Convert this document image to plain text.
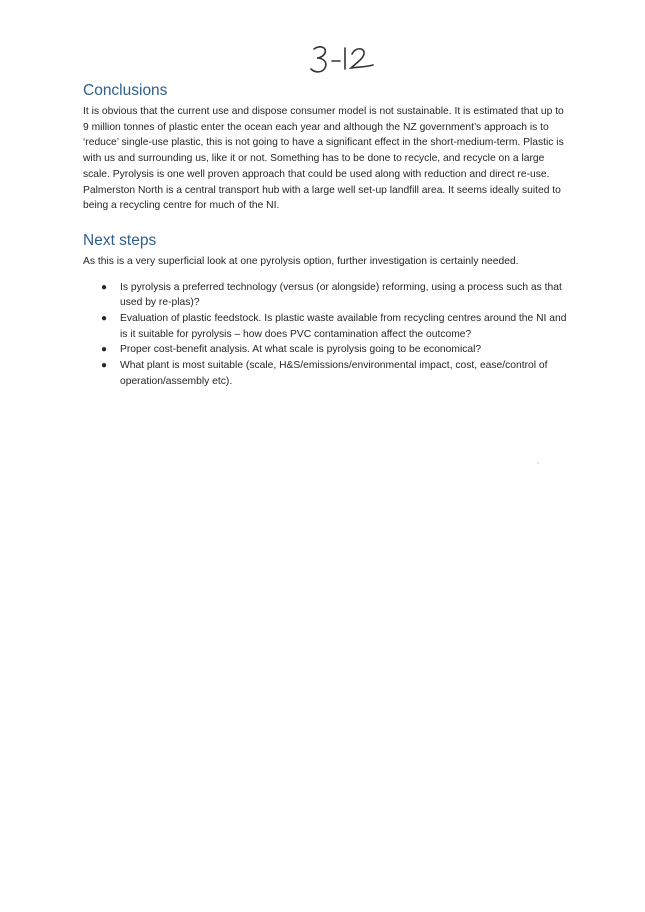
Conclusions

It is obvious that the current use and dispose consumer model is not sustainable. It is estimated that up to 9 million tonnes of plastic enter the ocean each year and although the NZ government’s approach is to ‘reduce’ single-use plastic, this is not going to have a significant effect in the short-medium-term. Plastic is with us and surrounding us, like it or not. Something has to be done to recycle, and recycle on a large scale. Pyrolysis is one well proven approach that could be used along with reduction and direct re-use. Palmerston North is a central transport hub with a large well set-up landfill area. It seems ideally suited to being a recycling centre for much of the NI.

Next steps

As this is a very superficial look at one pyrolysis option, further investigation is certainly needed.

● Is pyrolysis a preferred technology (versus (or alongside) reforming, using a process such as that used by re-plas)?
● Evaluation of plastic feedstock. Is plastic waste available from recycling centres around the NI and is it suitable for pyrolysis – how does PVC contamination affect the outcome?
● Proper cost-benefit analysis. At what scale is pyrolysis going to be economical?
● What plant is most suitable (scale, H&S/emissions/environmental impact, cost, ease/control of operation/assembly etc).
